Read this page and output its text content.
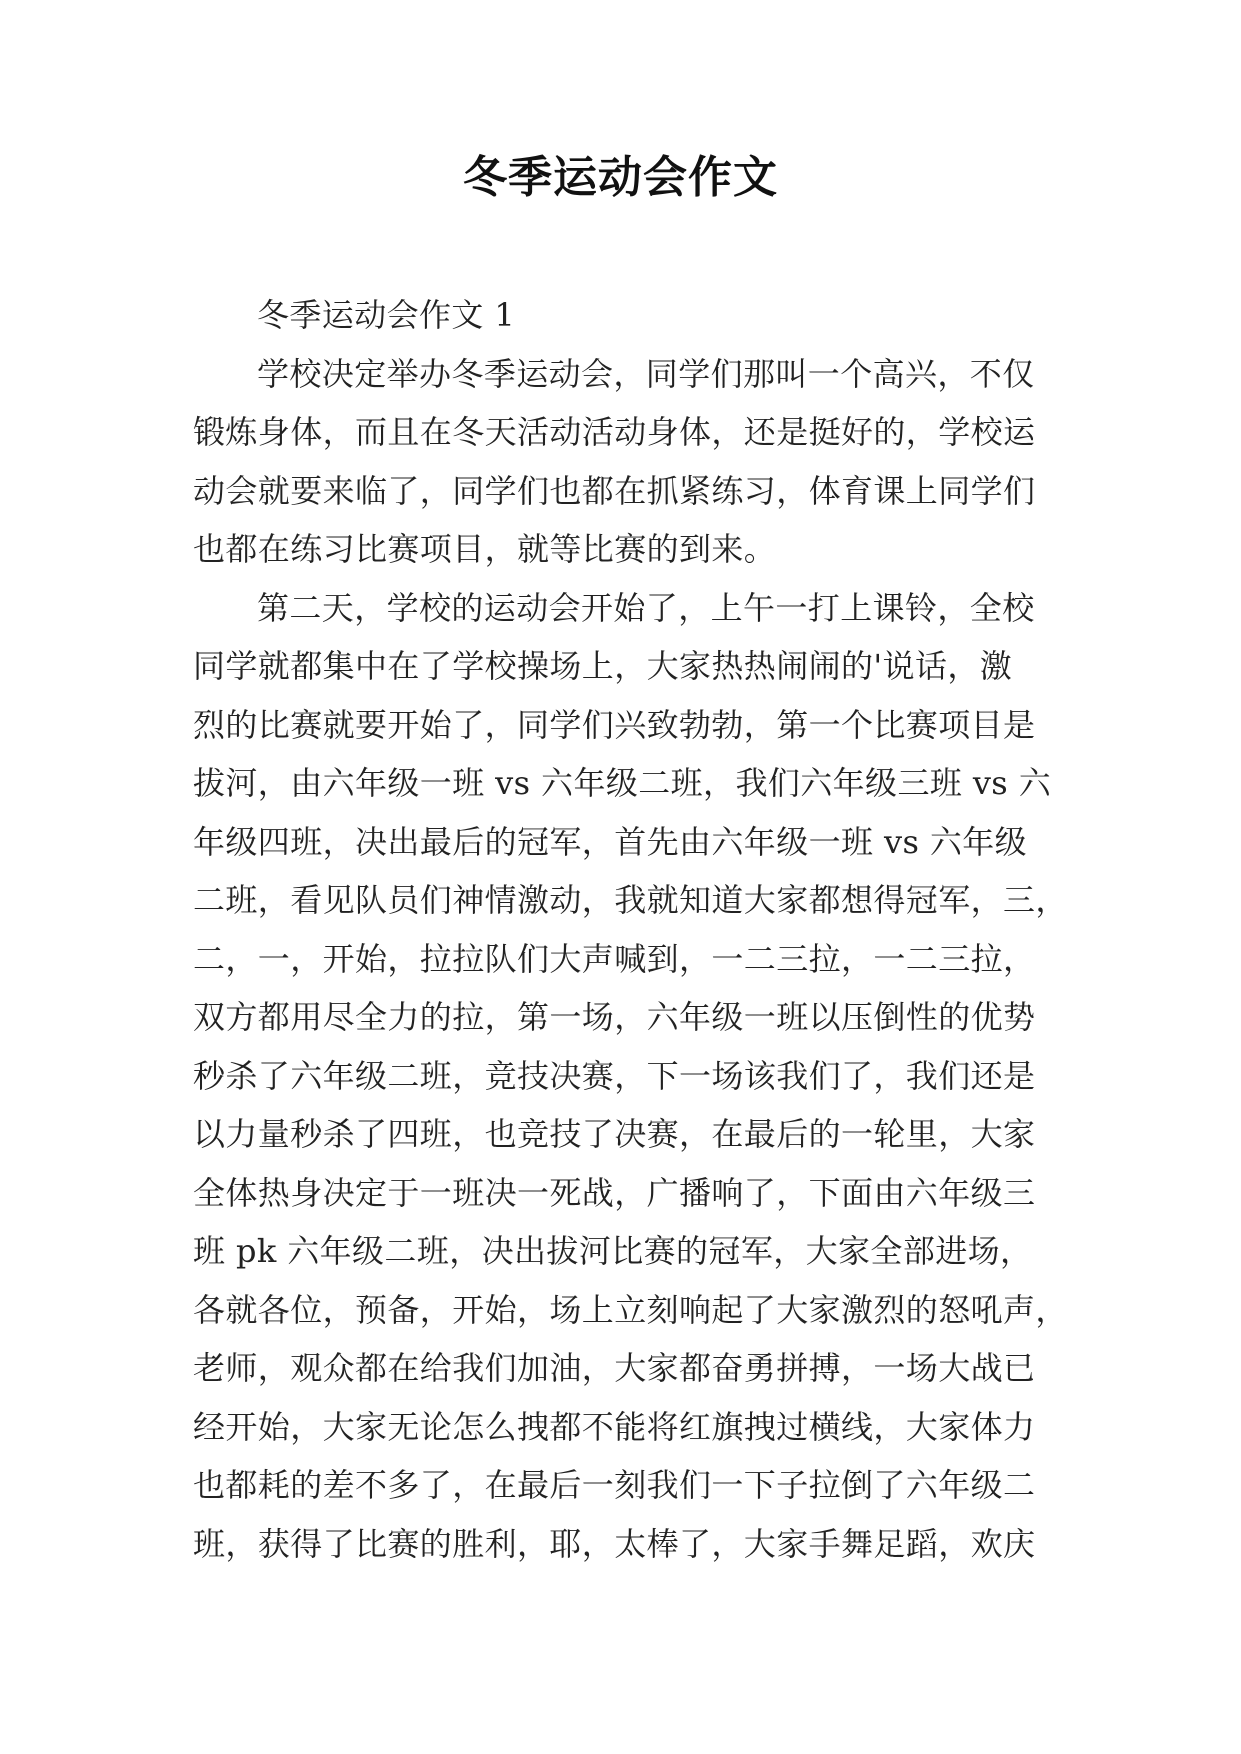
冬季运动会作文
冬季运动会作文 1
学校决定举办冬季运动会，同学们那叫一个高兴，不仅
锻炼身体，而且在冬天活动活动身体，还是挺好的，学校运
动会就要来临了，同学们也都在抓紧练习，体育课上同学们
也都在练习比赛项目，就等比赛的到来。
第二天，学校的运动会开始了，上午一打上课铃，全校
同学就都集中在了学校操场上，大家热热闹闹的'说话，激
烈的比赛就要开始了，同学们兴致勃勃，第一个比赛项目是
拔河，由六年级一班 vs 六年级二班，我们六年级三班 vs 六
年级四班，决出最后的冠军，首先由六年级一班 vs 六年级
二班，看见队员们神情激动，我就知道大家都想得冠军，三，
二，一，开始，拉拉队们大声喊到，一二三拉，一二三拉，
双方都用尽全力的拉，第一场，六年级一班以压倒性的优势
秒杀了六年级二班，竞技决赛，下一场该我们了，我们还是
以力量秒杀了四班，也竞技了决赛，在最后的一轮里，大家
全体热身决定于一班决一死战，广播响了，下面由六年级三
班 pk 六年级二班，决出拔河比赛的冠军，大家全部进场，
各就各位，预备，开始，场上立刻响起了大家激烈的怒吼声，
老师，观众都在给我们加油，大家都奋勇拼搏，一场大战已
经开始，大家无论怎么拽都不能将红旗拽过横线，大家体力
也都耗的差不多了，在最后一刻我们一下子拉倒了六年级二
班，获得了比赛的胜利，耶，太棒了，大家手舞足蹈，欢庆
